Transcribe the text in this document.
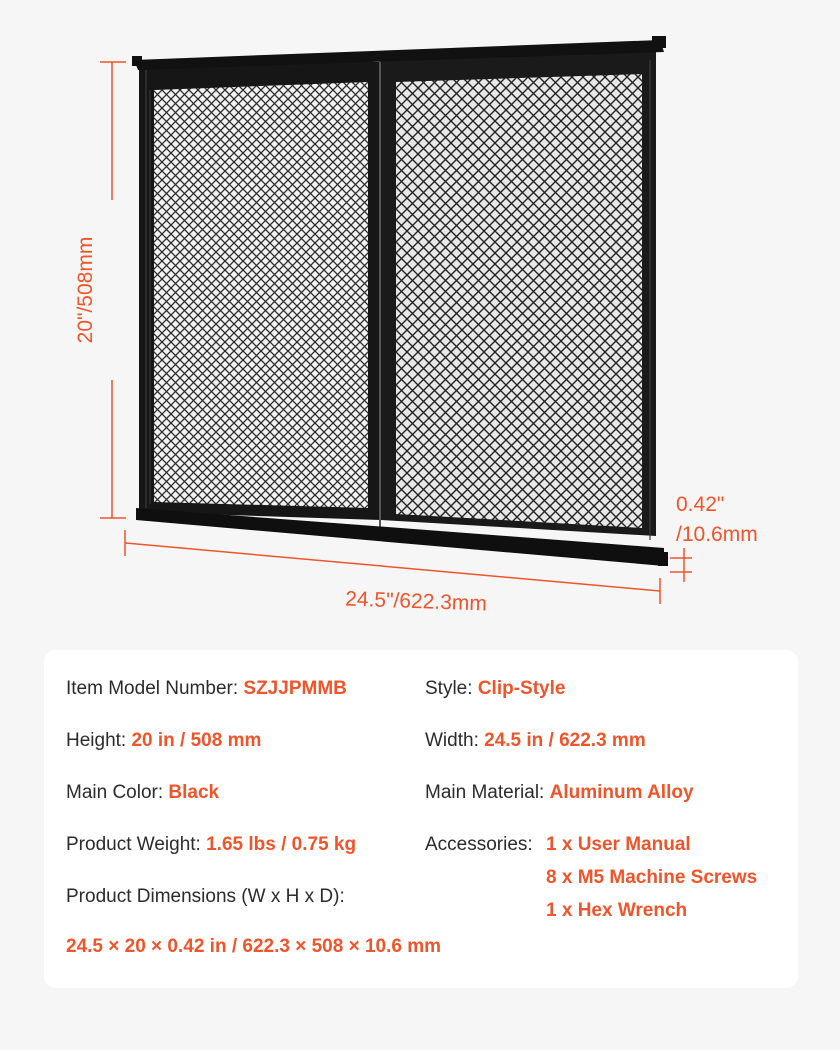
20"/508mm
24.5"/622.3mm
0.42"
/10.6mm
Item Model Number: SZJJPMMB	Style: Clip-Style
Height: 20 in / 508 mm	Width: 24.5 in / 622.3 mm
Main Color: Black	Main Material: Aluminum Alloy
Product Weight: 1.65 lbs / 0.75 kg	Accessories: 1 x User Manual
8 x M5 Machine Screws
1 x Hex Wrench
Product Dimensions (W x H x D):
24.5 × 20 × 0.42 in / 622.3 × 508 × 10.6 mm
